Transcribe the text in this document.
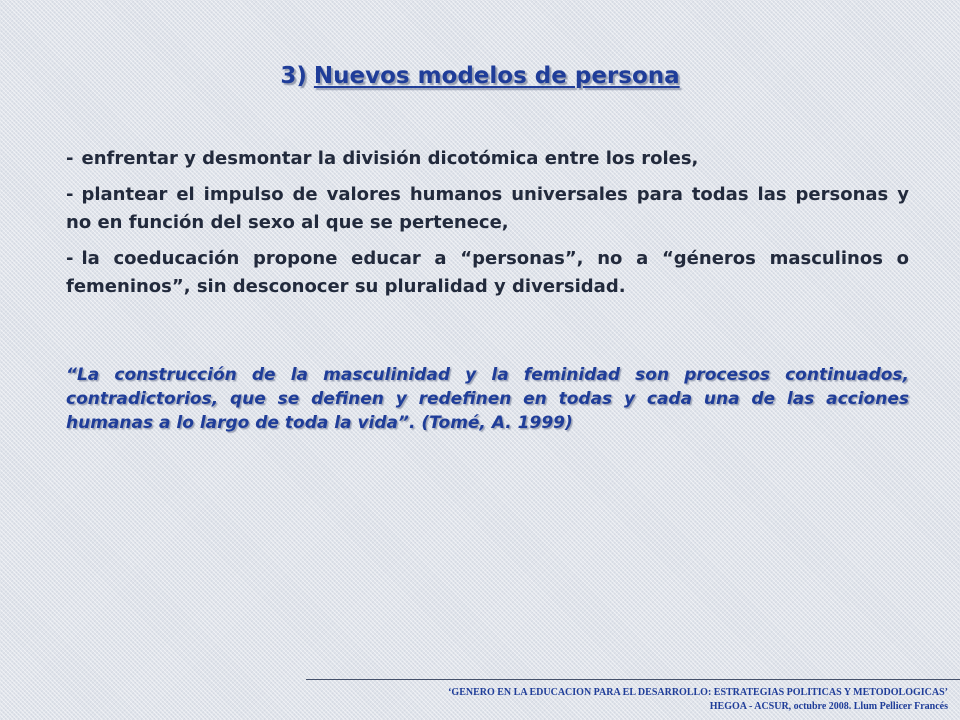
3) Nuevos modelos de persona
- enfrentar y desmontar la división dicotómica entre los roles,
- plantear el impulso de valores humanos universales para todas las personas y no en función del sexo al que se pertenece,
- la coeducación propone educar a “personas”, no a “géneros masculinos o femeninos”, sin desconocer su pluralidad y diversidad.

“La construcción de la masculinidad y la feminidad son procesos continuados, contradictorios, que se definen y redefinen en todas y cada una de las acciones humanas a lo largo de toda la vida”. (Tomé, A. 1999)

‘GENERO EN LA EDUCACION PARA EL DESARROLLO: ESTRATEGIAS POLITICAS Y METODOLOGICAS’
HEGOA - ACSUR, octubre 2008. Llum Pellicer Francés
